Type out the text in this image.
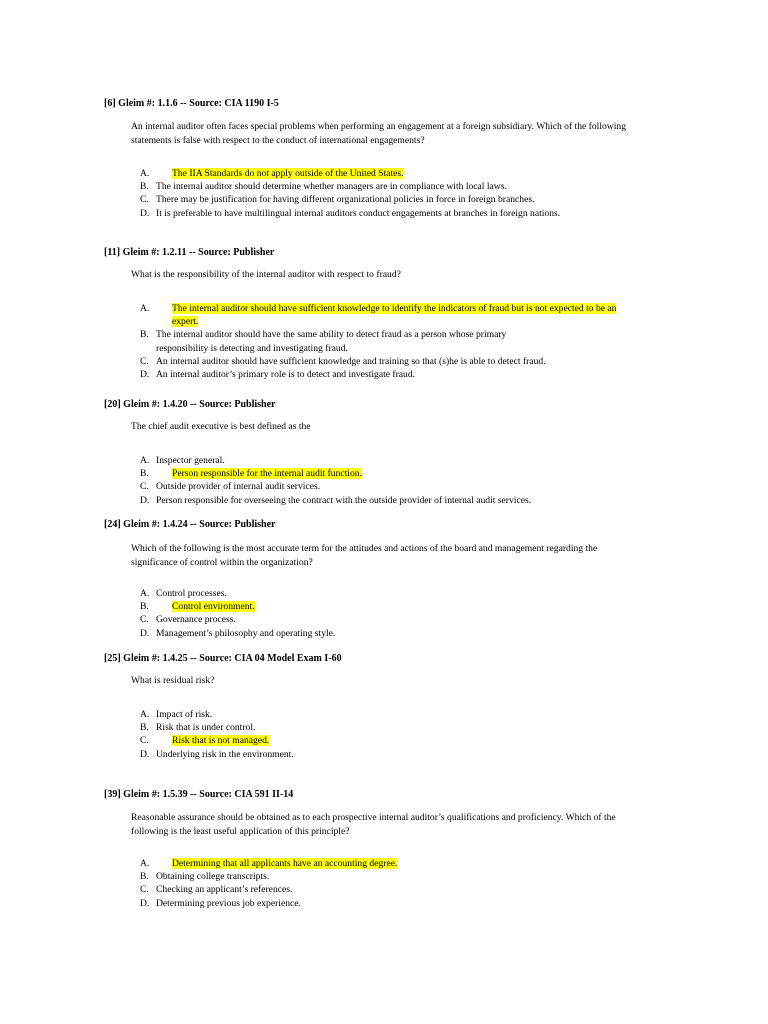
[6] Gleim #: 1.1.6 -- Source: CIA 1190 I-5
An internal auditor often faces special problems when performing an engagement at a foreign subsidiary. Which of the following statements is false with respect to the conduct of international engagements?
A.	The IIA Standards do not apply outside of the United States.
B. The internal auditor should determine whether managers are in compliance with local laws.
C. There may be justification for having different organizational policies in force in foreign branches.
D. It is preferable to have multilingual internal auditors conduct engagements at branches in foreign nations.
[11] Gleim #: 1.2.11 -- Source: Publisher
What is the responsibility of the internal auditor with respect to fraud?
A.	The internal auditor should have sufficient knowledge to identify the indicators of fraud but is not expected to be an expert.
B. The internal auditor should have the same ability to detect fraud as a person whose primary responsibility is detecting and investigating fraud.
C. An internal auditor should have sufficient knowledge and training so that (s)he is able to detect fraud.
D. An internal auditor’s primary role is to detect and investigate fraud.
[20] Gleim #: 1.4.20 -- Source: Publisher
The chief audit executive is best defined as the
A. Inspector general.
B.	Person responsible for the internal audit function.
C. Outside provider of internal audit services.
D. Person responsible for overseeing the contract with the outside provider of internal audit services.
[24] Gleim #: 1.4.24 -- Source: Publisher
Which of the following is the most accurate term for the attitudes and actions of the board and management regarding the significance of control within the organization?
A. Control processes.
B.	Control environment.
C. Governance process.
D. Management’s philosophy and operating style.
[25] Gleim #: 1.4.25 -- Source: CIA 04 Model Exam I-60
What is residual risk?
A. Impact of risk.
B. Risk that is under control.
C.	Risk that is not managed.
D. Underlying risk in the environment.
[39] Gleim #: 1.5.39 -- Source: CIA 591 II-14
Reasonable assurance should be obtained as to each prospective internal auditor’s qualifications and proficiency. Which of the following is the least useful application of this principle?
A.	Determining that all applicants have an accounting degree.
B. Obtaining college transcripts.
C. Checking an applicant’s references.
D. Determining previous job experience.
